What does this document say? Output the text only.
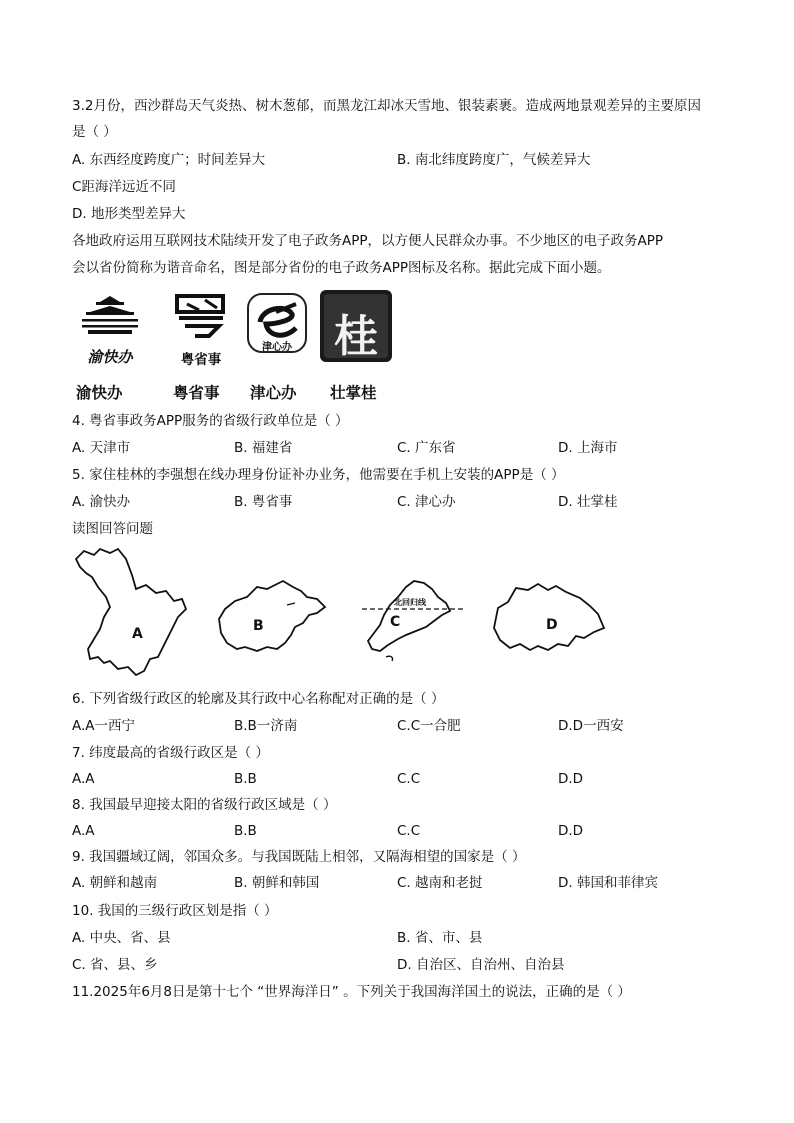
3.2月份，西沙群岛天气炎热、树木葱郁，而黑龙江却冰天雪地、银装素裹。造成两地景观差异的主要原因
是（ ）
A. 东西经度跨度广；时间差异大	B. 南北纬度跨度广，气候差异大
C距海洋远近不同
D. 地形类型差异大
各地政府运用互联网技术陆续开发了电子政务APP，以方便人民群众办事。不少地区的电子政务APP
会以省份简称为谐音命名，图是部分省份的电子政务APP图标及名称。据此完成下面小题。
渝快办	粤省事
津心办 桂
渝快办	粤省事 津心办 壮掌桂
4. 粤省事政务APP服务的省级行政单位是（ ）
A. 天津市	B. 福建省	C. 广东省	D. 上海市
5. 家住桂林的李强想在线办理身份证补办业务，他需要在手机上安装的APP是（ ）
A. 渝快办	B. 粤省事	C. 津心办	D. 壮掌桂
读图回答问题
A	B
北回归线
C	D
6. 下列省级行政区的轮廓及其行政中心名称配对正确的是（ ）
A.A一西宁	B.B一济南	C.C一合肥	D.D一西安
7. 纬度最高的省级行政区是（ ）
A.A	B.B	C.C	D.D
8. 我国最早迎接太阳的省级行政区域是（ ）
A.A	B.B	C.C	D.D
9. 我国疆域辽阔，邻国众多。与我国既陆上相邻，又隔海相望的国家是（ ）
A. 朝鲜和越南	B. 朝鲜和韩国	C. 越南和老挝	D. 韩国和菲律宾
10. 我国的三级行政区划是指（ ）
A. 中央、省、县	B. 省、市、县
C. 省、县、乡	D. 自治区、自治州、自治县
11.2025年6月8日是第十七个 “世界海洋日” 。下列关于我国海洋国土的说法，正确的是（ ）
